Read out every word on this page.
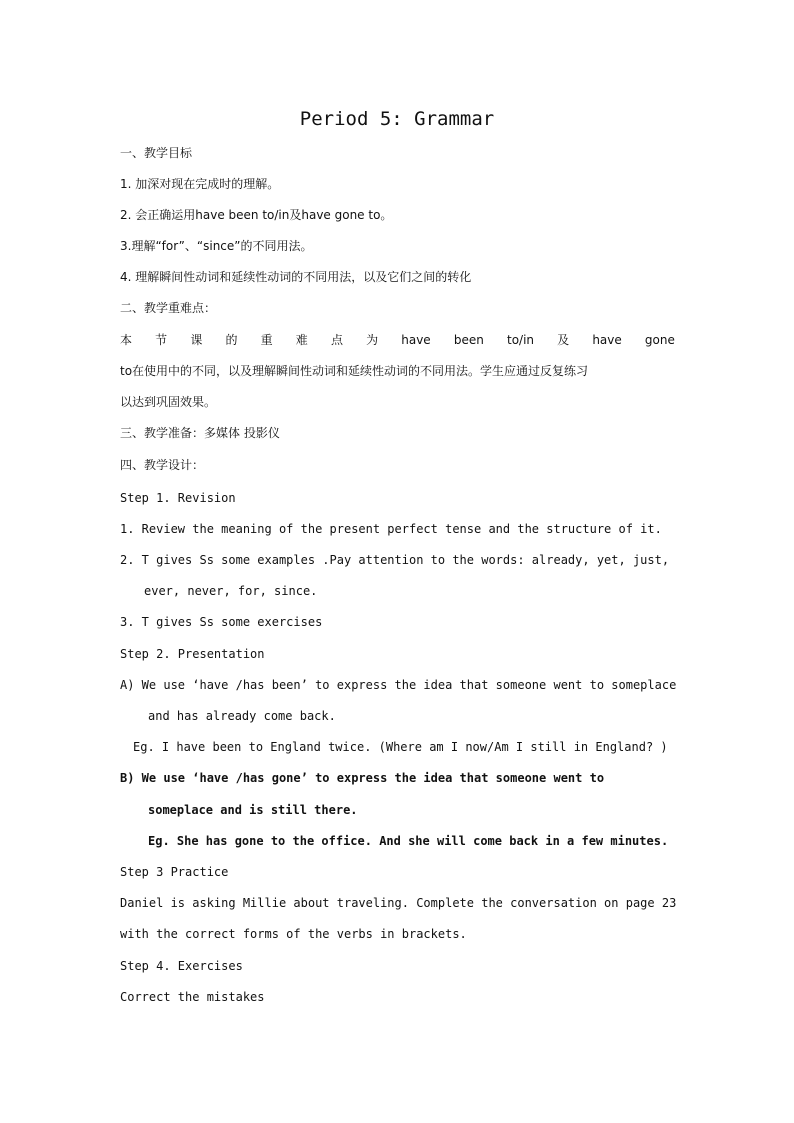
Period 5: Grammar
一、教学目标
1. 加深对现在完成时的理解。
2. 会正确运用have been to/in及have gone to。
3.理解“for”、“since”的不同用法。
4. 理解瞬间性动词和延续性动词的不同用法，以及它们之间的转化
二、教学重难点：
本 节 课 的 重 难 点 为 have been to/in 及 have gone
to在使用中的不同，以及理解瞬间性动词和延续性动词的不同用法。学生应通过反复练习
以达到巩固效果。
三、教学准备：多媒体 投影仪
四、教学设计：
Step 1. Revision
1. Review the meaning of the present perfect tense and the structure of it.
2. T gives Ss some examples .Pay attention to the words: already, yet, just,
ever, never, for, since.
3. T gives Ss some exercises
Step 2. Presentation
A) We use ‘have /has been’ to express the idea that someone went to someplace
and has already come back.
Eg. I have been to England twice. (Where am I now/Am I still in England? )
B) We use ‘have /has gone’ to express the idea that someone went to
someplace and is still there.
Eg. She has gone to the office. And she will come back in a few minutes.
Step 3 Practice
Daniel is asking Millie about traveling. Complete the conversation on page 23
with the correct forms of the verbs in brackets.
Step 4. Exercises
Correct the mistakes
